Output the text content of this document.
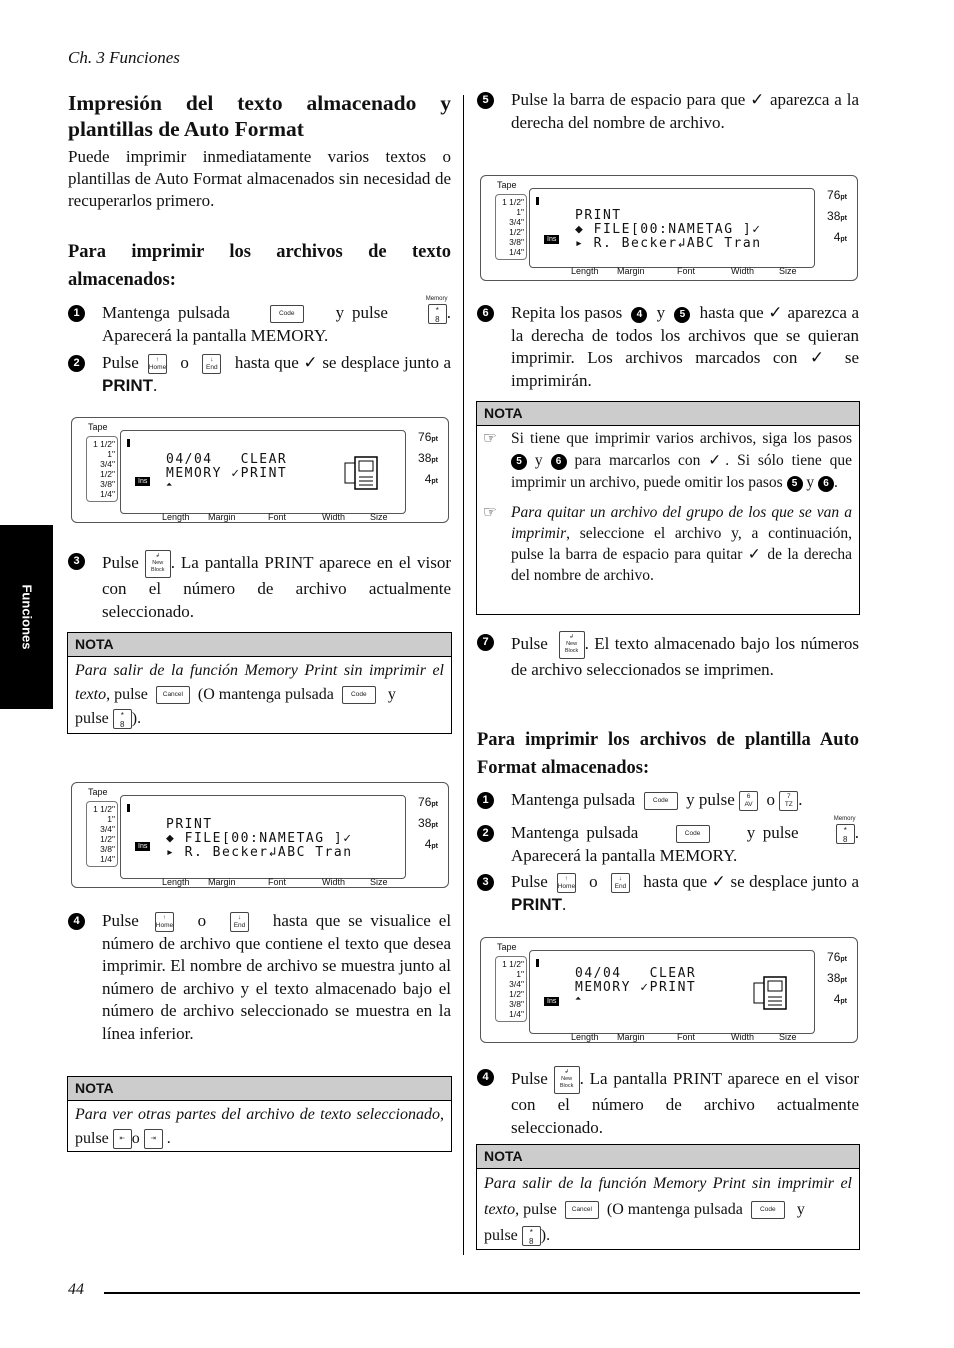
Ch. 3 Funciones
Funciones
Impresión del texto almacenado y plantillas de Auto Format

Puede imprimir inmediatamente varios textos o plantillas de Auto Format almacenados sin necesidad de recuperarlos primero.

Para imprimir los archivos de texto almacenados:
1	Mantenga pulsada	Code y pulse
Memory
*
8 . Aparecerá la pantalla MEMORY.
2	Pulse	↑
Home o	↓
End hasta que ✓ se desplace junto a PRINT.
Tape
1 1/2"
1"
3/4"
1/2"
3/8"
1/4"
04/04   CLEAR
MEMORY ✓PRINT
⏶
Ins
76pt
38pt
4pt
Length Margin	Font	Width	Size
3	Pulse	↲
New
Block . La pantalla PRINT aparece en el visor con el número de archivo actualmente seleccionado.
NOTA
Para salir de la función Memory Print sin imprimir el texto, pulse Cancel (O mantenga pulsada	Code   y
pulse *
8 ).
Tape
1 1/2"
1"
3/4"
1/2"
3/8"
1/4"
PRINT
◆ FILE[00:NAMETAG ]✓
▸ R. Becker↲ABC Tran
Ins
76pt
38pt
4pt
Length Margin	Font	Width	Size
4	Pulse	↑
Home o	↓
End hasta que se visualice el número de archivo que contiene el texto que desea imprimir. El nombre de archivo se muestra junto al número de archivo y el texto almacenado bajo el número de archivo seleccionado se muestra en la línea inferior.
NOTA
Para ver otras partes del archivo de texto seleccionado, pulse ⇤ o ⇥ .
5	Pulse la barra de espacio para que ✓ aparezca a la derecha del nombre de archivo.
Tape
1 1/2"
1"
3/4"
1/2"
3/8"
1/4"
PRINT
◆ FILE[00:NAMETAG ]✓
▸ R. Becker↲ABC Tran
Ins
76pt
38pt
4pt
Length Margin	Font	Width	Size
6	Repita los pasos 4 y 5 hasta que ✓ aparezca a la derecha de todos los archivos que se quieran imprimir. Los archivos marcados con ✓ se imprimirán.
NOTA
☞ Si tiene que imprimir varios archivos, siga los pasos 5 y 6 para marcarlos con ✓. Si sólo tiene que imprimir un archivo, puede omitir los pasos 5 y 6 .
☞ Para quitar un archivo del grupo de los que se van a imprimir, seleccione el archivo y, a continuación, pulse la barra de espacio para quitar ✓ de la derecha del nombre de archivo.
7	Pulse	↲
New
Block . El texto almacenado bajo los números de archivo seleccionados se imprimen.
Para imprimir los archivos de plantilla Auto Format almacenados:
1	Mantenga pulsada	Code y pulse 6
AV o 7
TZ .
2	Mantenga pulsada	Code	y pulse
Memory
*
8 . Aparecerá la pantalla MEMORY.
3	Pulse	↑
Home o	↓
End hasta que ✓ se desplace junto a PRINT.
Tape
1 1/2"
1"
3/4"
1/2"
3/8"
1/4"
04/04   CLEAR
MEMORY ✓PRINT
⏶
Ins
76pt
38pt
4pt
Length Margin	Font	Width	Size
4	Pulse	↲
New
Block . La pantalla PRINT aparece en el visor con el número de archivo actualmente seleccionado.
NOTA
Para salir de la función Memory Print sin imprimir el texto, pulse Cancel (O mantenga pulsada	Code   y
pulse *
8 ).
44
